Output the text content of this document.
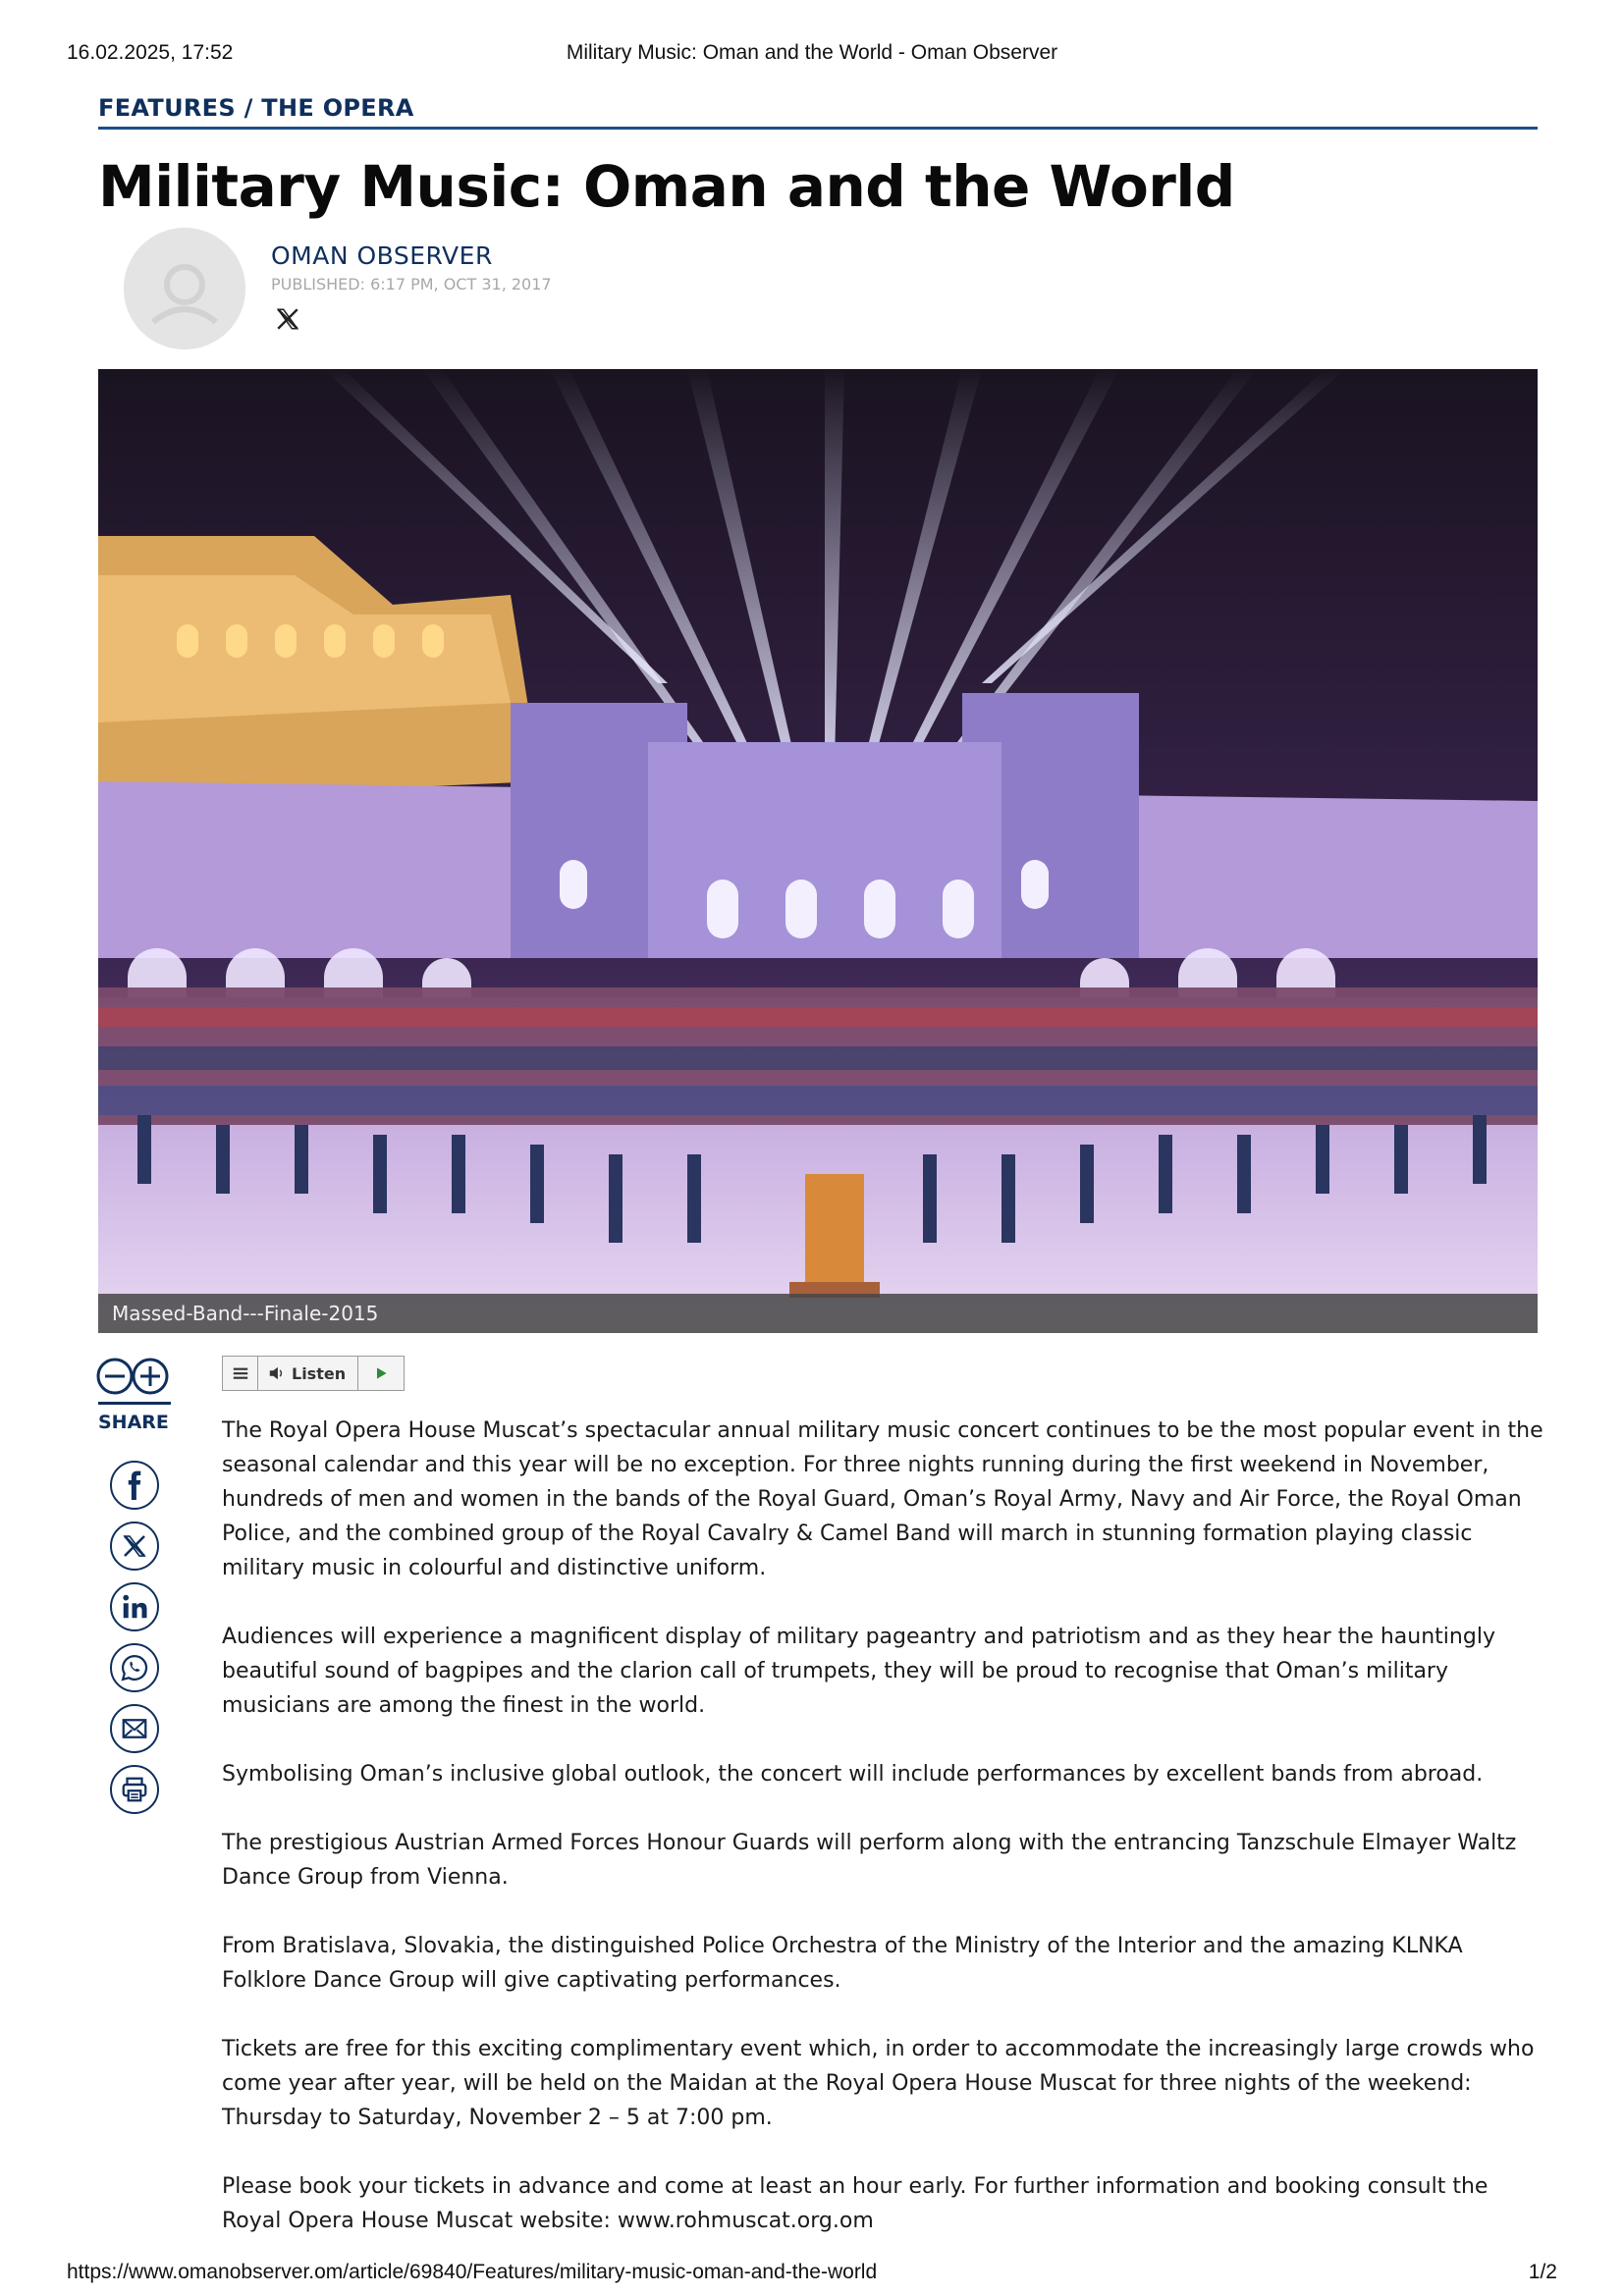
16.02.2025, 17:52	Military Music: Oman and the World - Oman Observer
FEATURES / THE OPERA
Military Music: Oman and the World
OMAN OBSERVER
PUBLISHED: 6:17 PM, OCT 31, 2017
Massed-Band---Finale-2015
SHARE
Listen

The Royal Opera House Muscat’s spectacular annual military music concert continues to be the most popular event in the seasonal calendar and this year will be no exception. For three nights running during the first weekend in November, hundreds of men and women in the bands of the Royal Guard, Oman’s Royal Army, Navy and Air Force, the Royal Oman Police, and the combined group of the Royal Cavalry & Camel Band will march in stunning formation playing classic military music in colourful and distinctive uniform.

Audiences will experience a magnificent display of military pageantry and patriotism and as they hear the hauntingly beautiful sound of bagpipes and the clarion call of trumpets, they will be proud to recognise that Oman’s military musicians are among the finest in the world.

Symbolising Oman’s inclusive global outlook, the concert will include performances by excellent bands from abroad.

The prestigious Austrian Armed Forces Honour Guards will perform along with the entrancing Tanzschule Elmayer Waltz Dance Group from Vienna.

From Bratislava, Slovakia, the distinguished Police Orchestra of the Ministry of the Interior and the amazing KLNKA Folklore Dance Group will give captivating performances.

Tickets are free for this exciting complimentary event which, in order to accommodate the increasingly large crowds who come year after year, will be held on the Maidan at the Royal Opera House Muscat for three nights of the weekend: Thursday to Saturday, November 2 – 5 at 7:00 pm.

Please book your tickets in advance and come at least an hour early. For further information and booking consult the Royal Opera House Muscat website: www.rohmuscat.org.om

https://www.omanobserver.om/article/69840/Features/military-music-oman-and-the-world	1/2
